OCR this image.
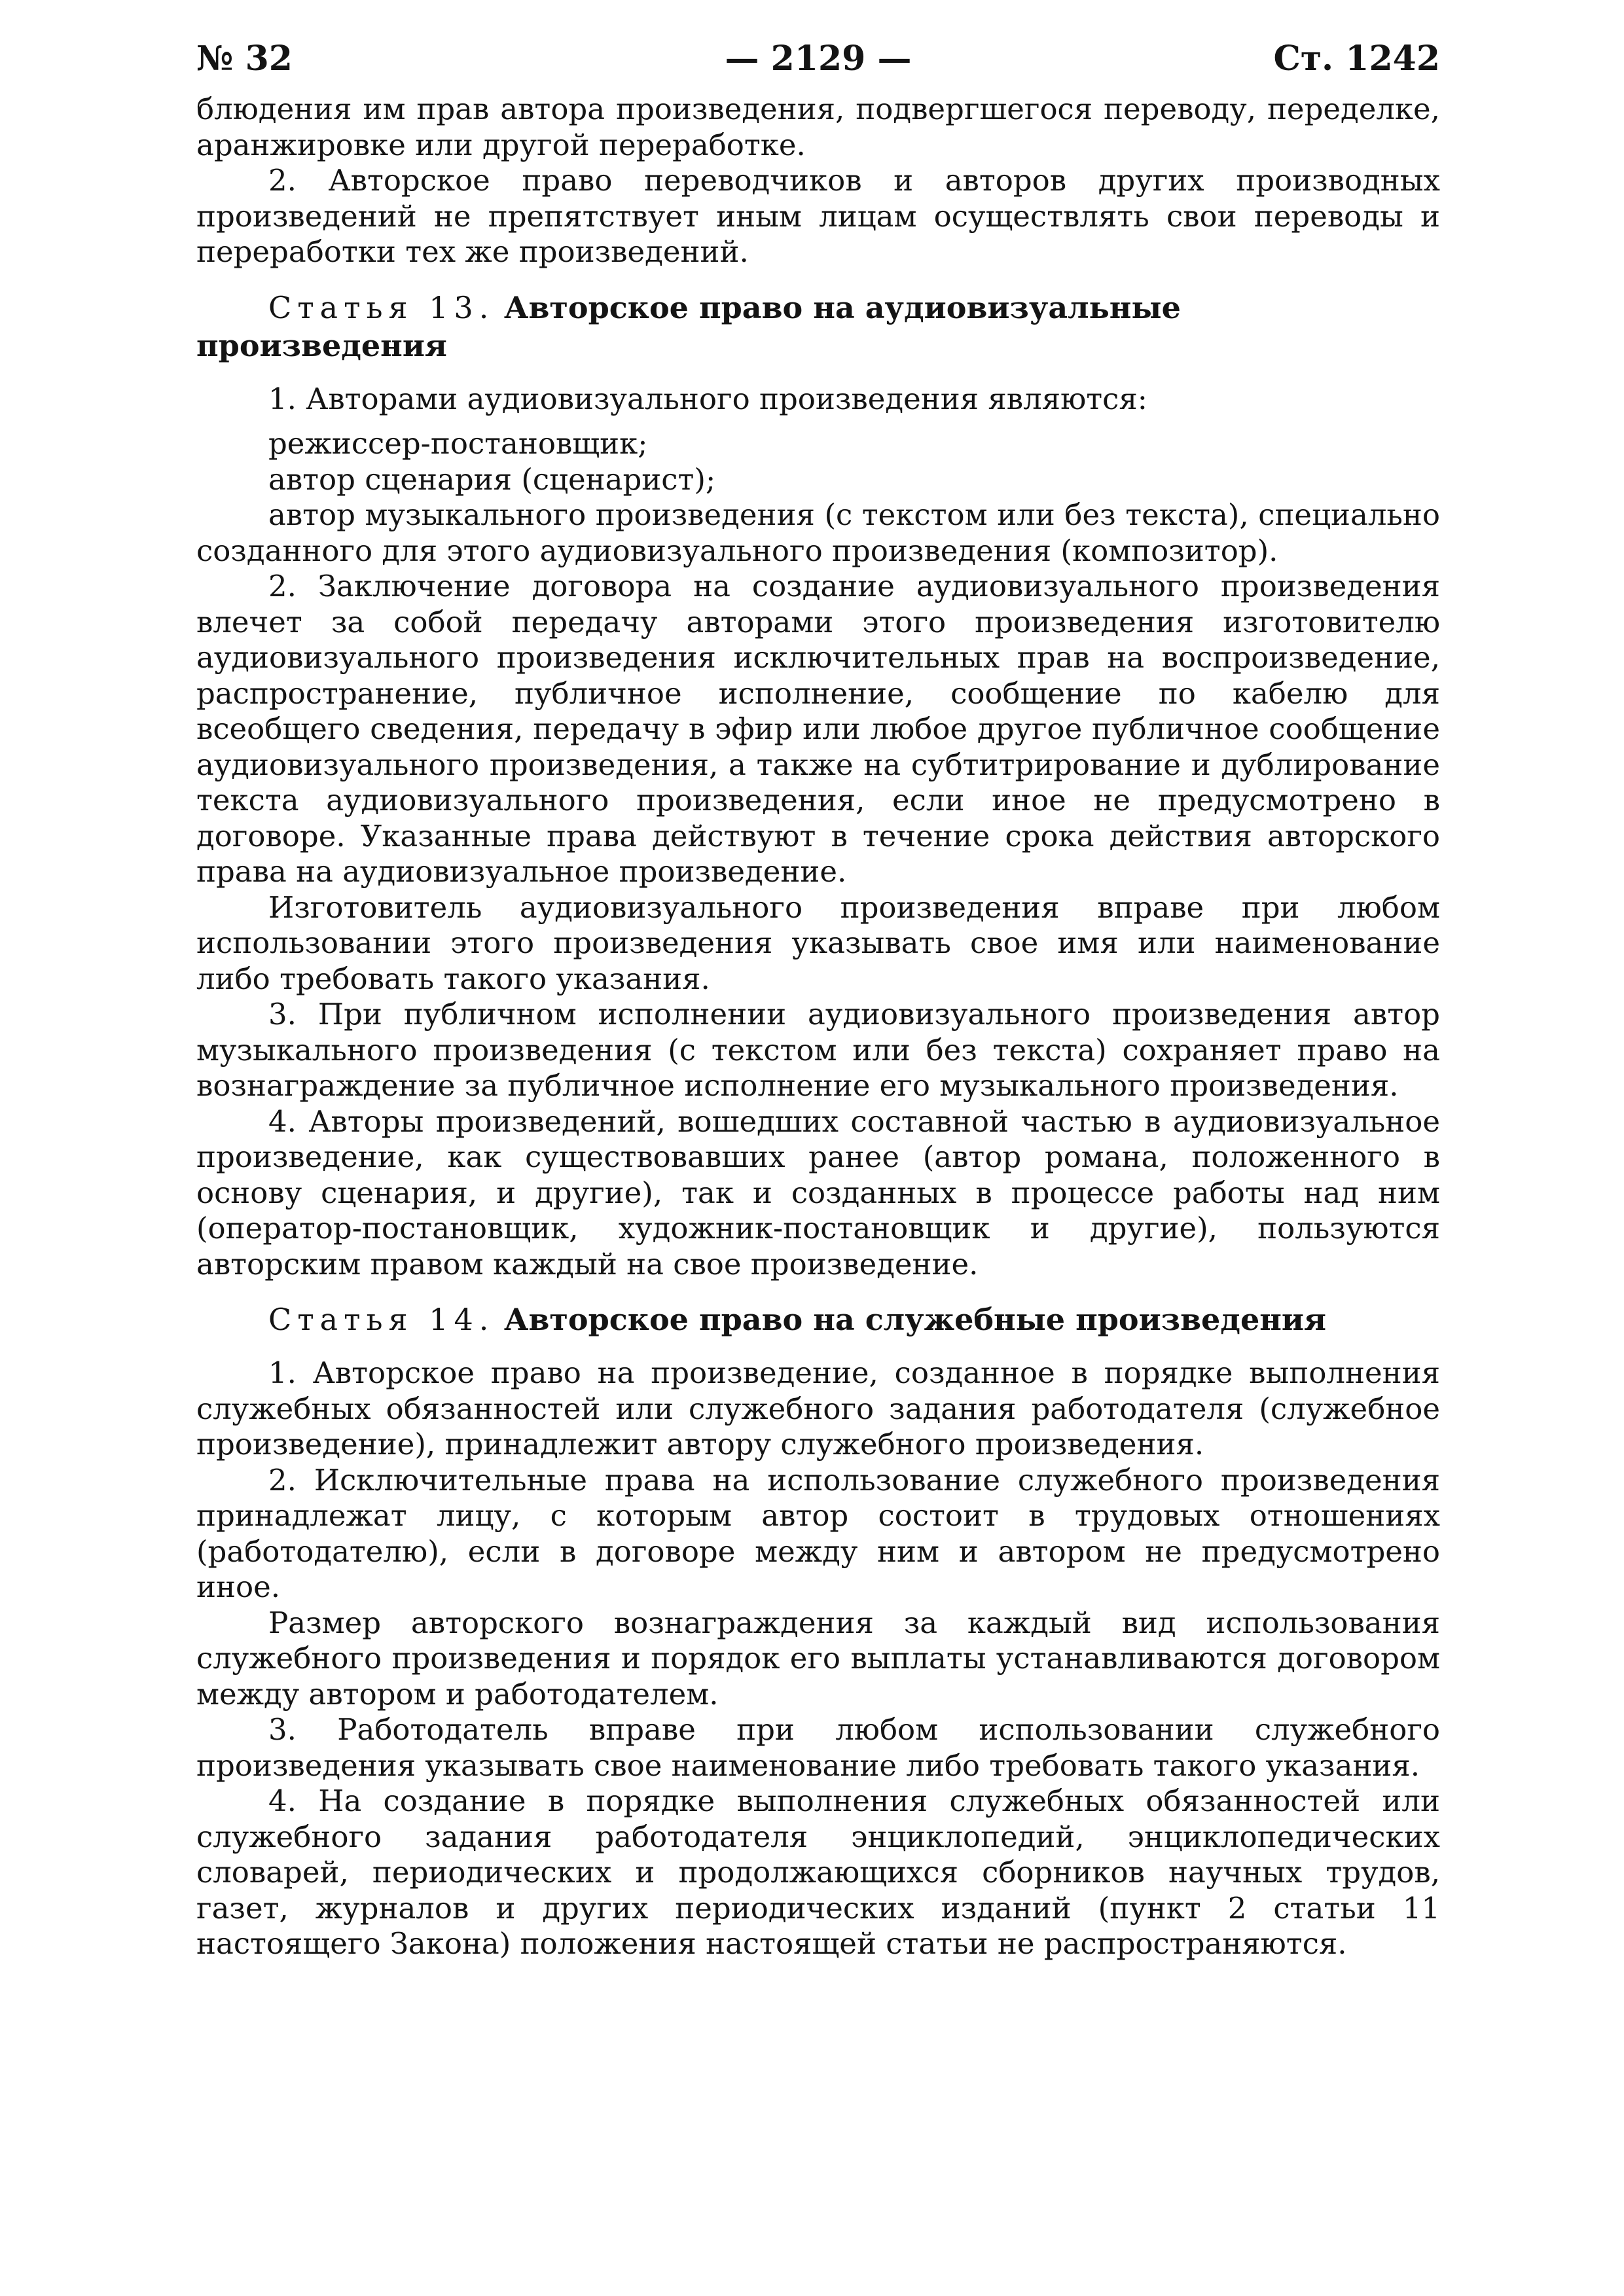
№ 32	— 2129 —	Ст. 1242

блюдения им прав автора произведения, подвергшегося переводу, переделке, аранжировке или другой переработке.

2. Авторское право переводчиков и авторов других производных произведений не препятствует иным лицам осуществлять свои переводы и переработки тех же произведений.

Статья 13. Авторское право на аудиовизуальные произведения

1. Авторами аудиовизуального произведения являются:

режиссер-постановщик;

автор сценария (сценарист);

автор музыкального произведения (с текстом или без текста), специально созданного для этого аудиовизуального произведения (композитор).

2. Заключение договора на создание аудиовизуального произведения влечет за собой передачу авторами этого произведения изготовителю аудиовизуального произведения исключительных прав на воспроизведение, распространение, публичное исполнение, сообщение по кабелю для всеобщего сведения, передачу в эфир или любое другое публичное сообщение аудиовизуального произведения, а также на субтитрирование и дублирование текста аудиовизуального произведения, если иное не предусмотрено в договоре. Указанные права действуют в течение срока действия авторского права на аудиовизуальное произведение.

Изготовитель аудиовизуального произведения вправе при любом использовании этого произведения указывать свое имя или наименование либо требовать такого указания.

3. При публичном исполнении аудиовизуального произведения автор музыкального произведения (с текстом или без текста) сохраняет право на вознаграждение за публичное исполнение его музыкального произведения.

4. Авторы произведений, вошедших составной частью в аудиовизуальное произведение, как существовавших ранее (автор романа, положенного в основу сценария, и другие), так и созданных в процессе работы над ним (оператор-постановщик, художник-постановщик и другие), пользуются авторским правом каждый на свое произведение.

Статья 14. Авторское право на служебные произведения

1. Авторское право на произведение, созданное в порядке выполнения служебных обязанностей или служебного задания работодателя (служебное произведение), принадлежит автору служебного произведения.

2. Исключительные права на использование служебного произведения принадлежат лицу, с которым автор состоит в трудовых отношениях (работодателю), если в договоре между ним и автором не предусмотрено иное.

Размер авторского вознаграждения за каждый вид использования служебного произведения и порядок его выплаты устанавливаются договором между автором и работодателем.

3. Работодатель вправе при любом использовании служебного произведения указывать свое наименование либо требовать такого указания.

4. На создание в порядке выполнения служебных обязанностей или служебного задания работодателя энциклопедий, энциклопедических словарей, периодических и продолжающихся сборников научных трудов, газет, журналов и других периодических изданий (пункт 2 статьи 11 настоящего Закона) положения настоящей статьи не распространяются.
